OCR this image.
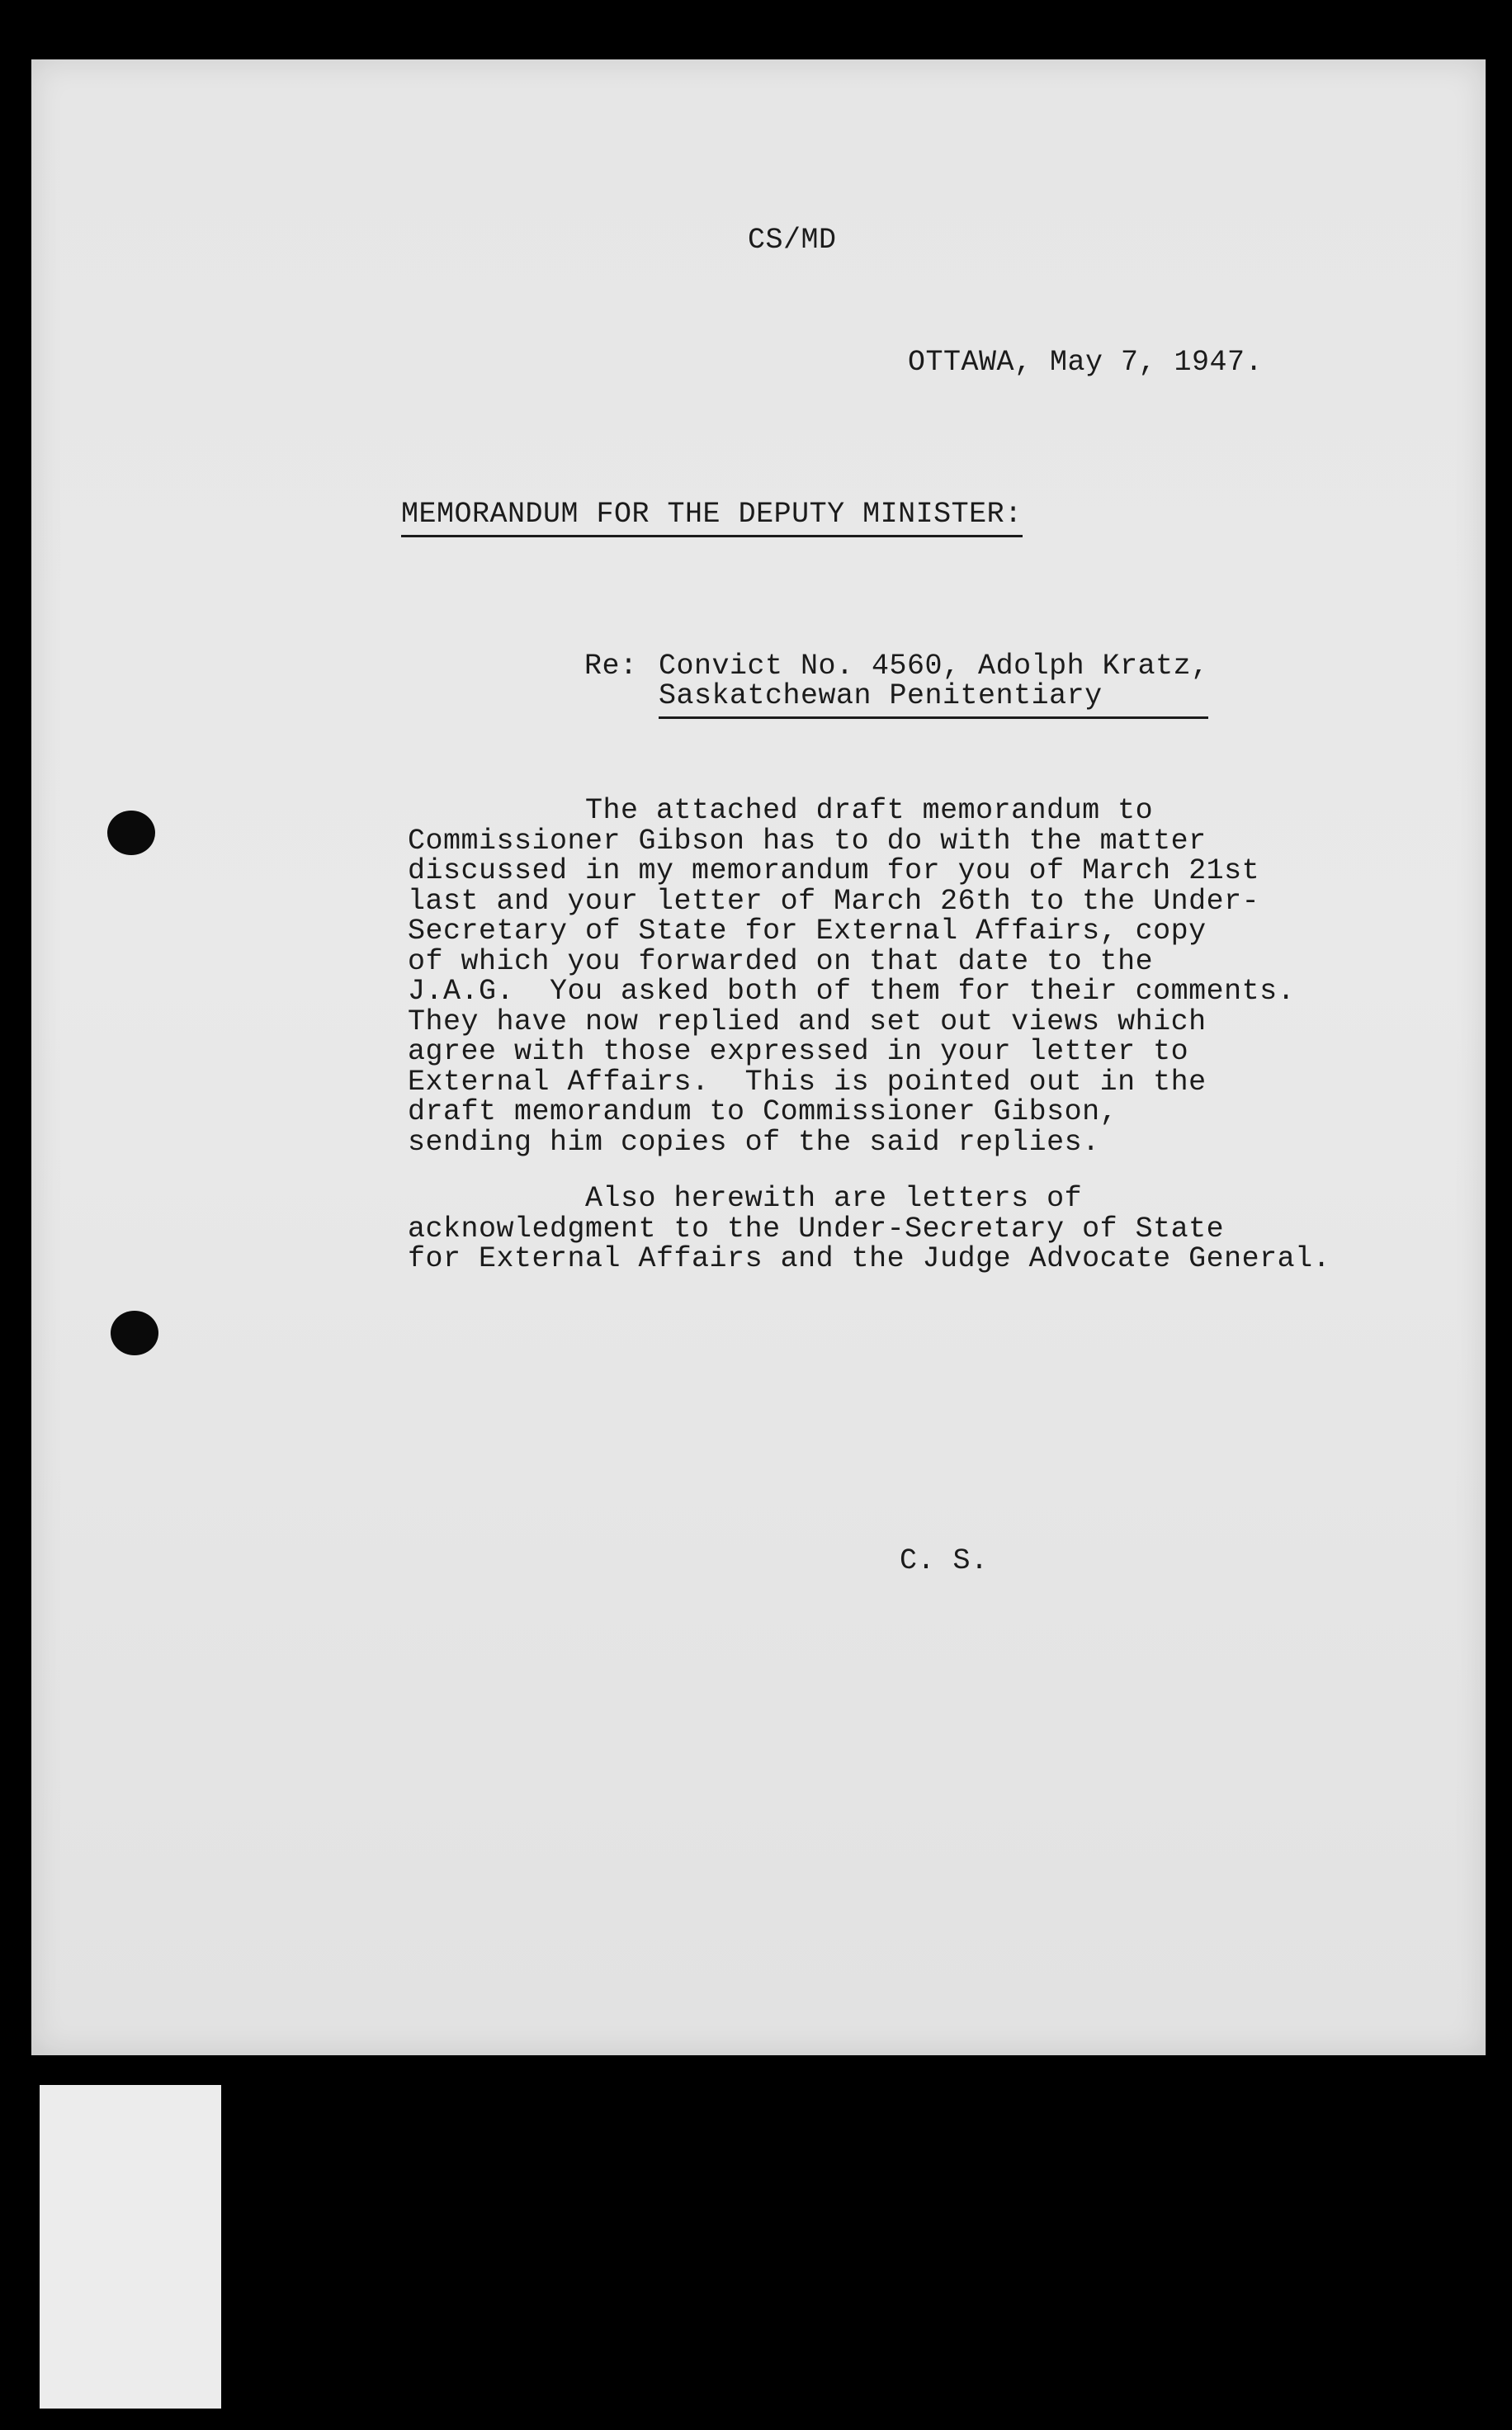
CS/MD
OTTAWA, May 7, 1947.
MEMORANDUM FOR THE DEPUTY MINISTER:
Re: Convict No. 4560, Adolph Kratz,
Saskatchewan Penitentiary
The attached draft memorandum to
Commissioner Gibson has to do with the matter
discussed in my memorandum for you of March 21st
last and your letter of March 26th to the Under-
Secretary of State for External Affairs, copy
of which you forwarded on that date to the
J.A.G.  You asked both of them for their comments.
They have now replied and set out views which
agree with those expressed in your letter to
External Affairs.  This is pointed out in the
draft memorandum to Commissioner Gibson,
sending him copies of the said replies.
Also herewith are letters of
acknowledgment to the Under-Secretary of State
for External Affairs and the Judge Advocate General.
C. S.
